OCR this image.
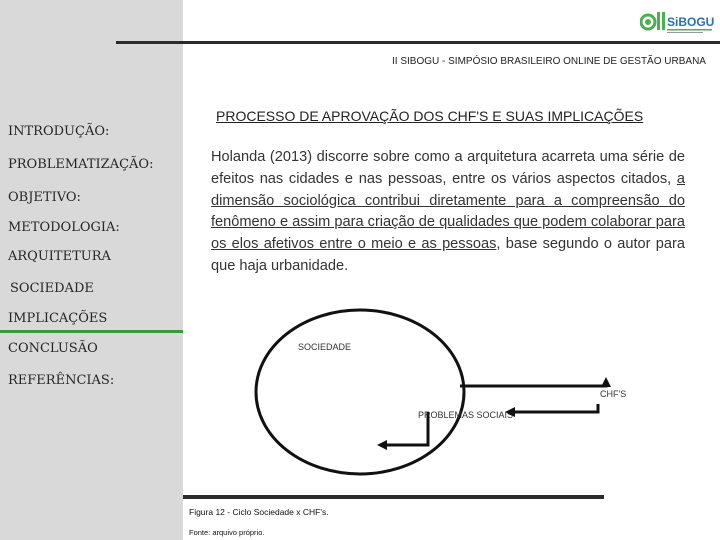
SiBOGU
II SIBOGU - SIMPÓSIO BRASILEIRO ONLINE DE GESTÃO URBANA
INTRODUÇÃO:
PROBLEMATIZAÇÃO:
OBJETIVO:
METODOLOGIA:
ARQUITETURA
SOCIEDADE
IMPLICAÇÕES
CONCLUSÃO
REFERÊNCIAS:
PROCESSO DE APROVAÇÃO DOS CHF'S E SUAS IMPLICAÇÕES
Holanda (2013) discorre sobre como a arquitetura acarreta uma série de efeitos nas cidades e nas pessoas, entre os vários aspectos citados, a dimensão sociológica contribui diretamente para a compreensão do fenômeno e assim para criação de qualidades que podem colaborar para os elos afetivos entre o meio e as pessoas, base segundo o autor para que haja urbanidade.
SOCIEDADE
CHF'S
PROBLEMAS SOCIAIS
Figura 12 - Ciclo Sociedade x CHF's.
Fonte: arquivo próprio.
